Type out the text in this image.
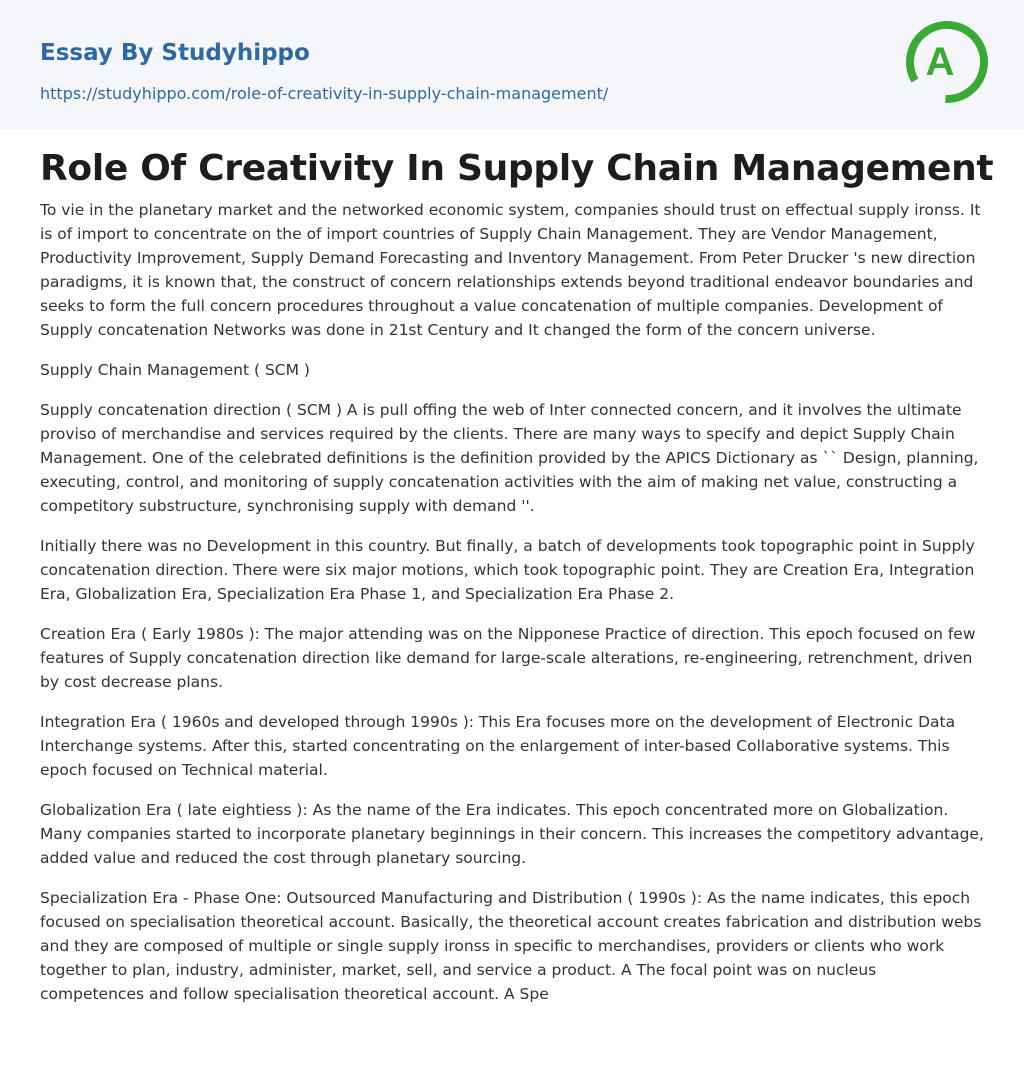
Essay By Studyhippo
https://studyhippo.com/role-of-creativity-in-supply-chain-management/
A
Role Of Creativity In Supply Chain Management

To vie in the planetary market and the networked economic system, companies should trust on effectual supply ironss. It is of import to concentrate on the of import countries of Supply Chain Management. They are Vendor Management, Productivity Improvement, Supply Demand Forecasting and Inventory Management. From Peter Drucker 's new direction paradigms, it is known that, the construct of concern relationships extends beyond traditional endeavor boundaries and seeks to form the full concern procedures throughout a value concatenation of multiple companies. Development of Supply concatenation Networks was done in 21st Century and It changed the form of the concern universe.

Supply Chain Management ( SCM )

Supply concatenation direction ( SCM ) A is pull offing the web of Inter connected concern, and it involves the ultimate proviso of merchandise and services required by the clients. There are many ways to specify and depict Supply Chain Management. One of the celebrated definitions is the definition provided by the APICS Dictionary as `` Design, planning, executing, control, and monitoring of supply concatenation activities with the aim of making net value, constructing a competitory substructure, synchronising supply with demand ''.

Initially there was no Development in this country. But finally, a batch of developments took topographic point in Supply concatenation direction. There were six major motions, which took topographic point. They are Creation Era, Integration Era, Globalization Era, Specialization Era Phase 1, and Specialization Era Phase 2.

Creation Era ( Early 1980s ): The major attending was on the Nipponese Practice of direction. This epoch focused on few features of Supply concatenation direction like demand for large-scale alterations, re-engineering, retrenchment, driven by cost decrease plans.

Integration Era ( 1960s and developed through 1990s ): This Era focuses more on the development of Electronic Data Interchange systems. After this, started concentrating on the enlargement of inter-based Collaborative systems. This epoch focused on Technical material.

Globalization Era ( late eightiess ): As the name of the Era indicates. This epoch concentrated more on Globalization. Many companies started to incorporate planetary beginnings in their concern. This increases the competitory advantage, added value and reduced the cost through planetary sourcing.

Specialization Era - Phase One: Outsourced Manufacturing and Distribution ( 1990s ): As the name indicates, this epoch focused on specialisation theoretical account. Basically, the theoretical account creates fabrication and distribution webs and they are composed of multiple or single supply ironss in specific to merchandises, providers or clients who work together to plan, industry, administer, market, sell, and service a product. A The focal point was on nucleus competences and follow specialisation theoretical account. A Spe
